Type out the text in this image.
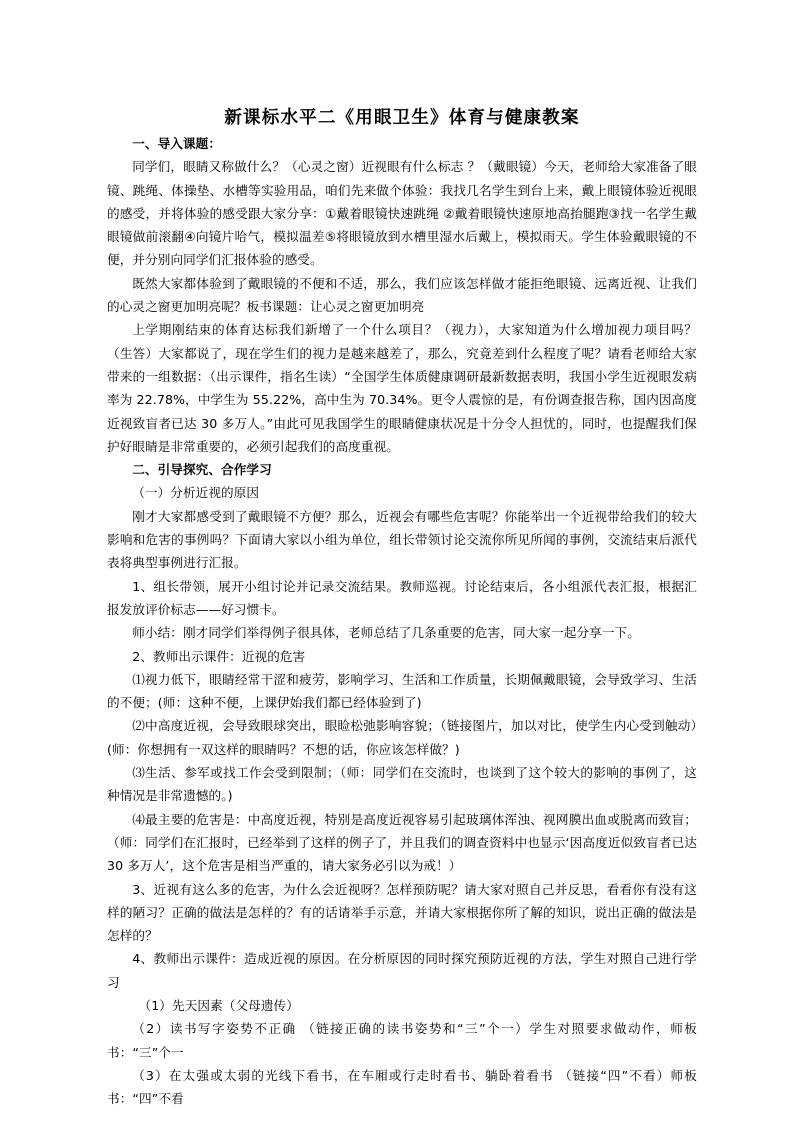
新课标水平二《用眼卫生》体育与健康教案

一、导入课题：

同学们，眼睛又称做什么？（心灵之窗）近视眼有什么标志 ？（戴眼镜）今天，老师给大家准备了眼镜、跳绳、体操垫、水槽等实验用品，咱们先来做个体验：我找几名学生到台上来，戴上眼镜体验近视眼的感受，并将体验的感受跟大家分享：①戴着眼镜快速跳绳 ②戴着眼镜快速原地高抬腿跑③找一名学生戴眼镜做前滚翻④向镜片哈气，模拟温差⑤将眼镜放到水槽里湿水后戴上，模拟雨天。学生体验戴眼镜的不便，并分别向同学们汇报体验的感受。

既然大家都体验到了戴眼镜的不便和不适，那么，我们应该怎样做才能拒绝眼镜、远离近视、让我们的心灵之窗更加明亮呢？板书课题：让心灵之窗更加明亮

上学期刚结束的体育达标我们新增了一个什么项目？（视力），大家知道为什么增加视力项目吗？（生答）大家都说了，现在学生们的视力是越来越差了，那么，究竟差到什么程度了呢？请看老师给大家带来的一组数据：（出示课件，指名生读）“全国学生体质健康调研最新数据表明，我国小学生近视眼发病率为 22.78%，中学生为 55.22%，高中生为 70.34%。更令人震惊的是，有份调查报告称，国内因高度近视致盲者已达 30 多万人。”由此可见我国学生的眼睛健康状况是十分令人担忧的，同时，也提醒我们保护好眼睛是非常重要的，必须引起我们的高度重视。

二、引导探究、合作学习

（一）分析近视的原因

刚才大家都感受到了戴眼镜不方便？那么，近视会有哪些危害呢？你能举出一个近视带给我们的较大影响和危害的事例吗？下面请大家以小组为单位，组长带领讨论交流你所见所闻的事例，交流结束后派代表将典型事例进行汇报。

1、组长带领，展开小组讨论并记录交流结果。教师巡视。讨论结束后，各小组派代表汇报，根据汇报发放评价标志——好习惯卡。

师小结：刚才同学们举得例子很具体，老师总结了几条重要的危害，同大家一起分享一下。

2、教师出示课件：近视的危害

⑴视力低下，眼睛经常干涩和疲劳，影响学习、生活和工作质量，长期佩戴眼镜，会导致学习、生活的不便；(师：这种不便，上课伊始我们都已经体验到了)

⑵中高度近视，会导致眼球突出，眼睑松弛影响容貌；（链接图片，加以对比，使学生内心受到触动）(师：你想拥有一双这样的眼睛吗？不想的话，你应该怎样做？)

⑶生活、参军或找工作会受到限制；（师：同学们在交流时，也谈到了这个较大的影响的事例了，这种情况是非常遗憾的。)

⑷最主要的危害是：中高度近视，特别是高度近视容易引起玻璃体浑浊、视网膜出血或脱离而致盲；（师：同学们在汇报时，已经举到了这样的例子了，并且我们的调查资料中也显示‘因高度近似致盲者已达 30 多万人’，这个危害是相当严重的，请大家务必引以为戒！）

3、近视有这么多的危害，为什么会近视呀？怎样预防呢？请大家对照自己并反思，看看你有没有这样的陋习？正确的做法是怎样的？有的话请举手示意，并请大家根据你所了解的知识，说出正确的做法是怎样的？

4、教师出示课件：造成近视的原因。在分析原因的同时探究预防近视的方法，学生对照自己进行学习

（1）先天因素（父母遗传）

（2）读书写字姿势不正确 （链接正确的读书姿势和“三”个一）学生对照要求做动作，师板书：“三”个一

（3）在太强或太弱的光线下看书，在车厢或行走时看书、躺卧着看书 （链接“四”不看）师板书：“四”不看
